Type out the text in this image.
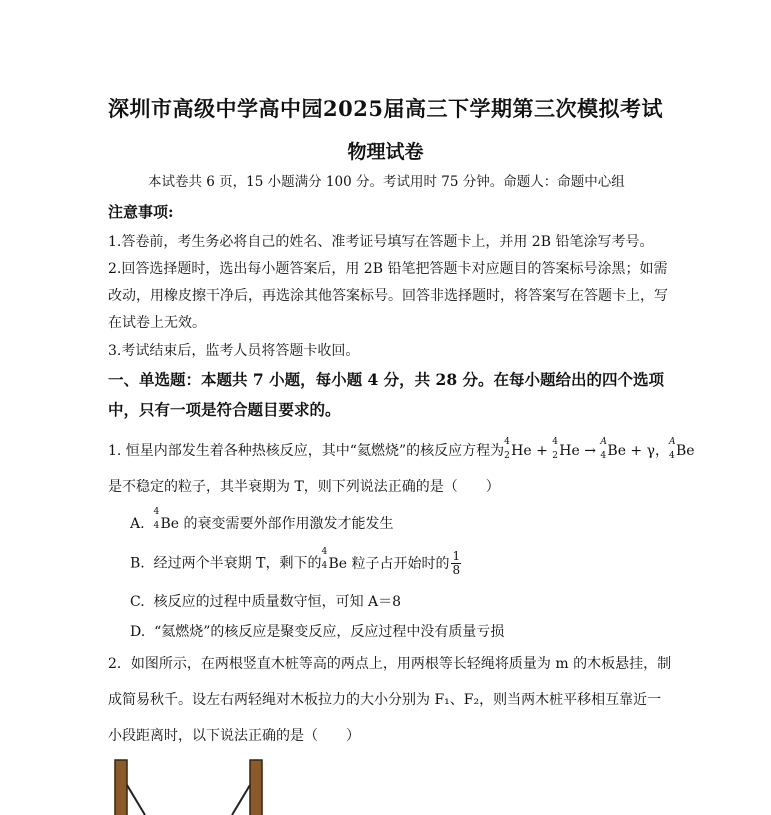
深圳市高级中学高中园2025届高三下学期第三次模拟考试
物理试卷
本试卷共 6 页，15 小题满分 100 分。考试用时 75 分钟。命题人：命题中心组
注意事项:
1.答卷前，考生务必将自己的姓名、准考证号填写在答题卡上，并用 2B 铅笔涂写考号。
2.回答选择题时，选出每小题答案后，用 2B 铅笔把答题卡对应题目的答案标号涂黑；如需
改动，用橡皮擦干净后，再选涂其他答案标号。回答非选择题时，将答案写在答题卡上，写
在试卷上无效。
3.考试结束后，监考人员将答题卡收回。
一、单选题：本题共 7 小题，每小题 4 分，共 28 分。在每小题给出的四个选项
中，只有一项是符合题目要求的。
1. 恒星内部发生着各种热核反应，其中“氦燃烧”的核反应方程为
4
2 He +
4
2 He →
A
4 Be + γ，
A
4 Be
是不稳定的粒子，其半衰期为 T，则下列说法正确的是（　　）
A.
4
4 Be 的衰变需要外部作用激发才能发生
B. 经过两个半衰期 T，剩下的
4
4 Be 粒子占开始时的 $\frac{1}{8}$
C. 核反应的过程中质量数守恒，可知 A＝8
D. “氦燃烧”的核反应是聚变反应，反应过程中没有质量亏损
2．如图所示，在两根竖直木桩等高的两点上，用两根等长轻绳将质量为 m 的木板悬挂，制
成简易秋千。设左右两轻绳对木板拉力的大小分别为 F₁、F₂，则当两木桩平移相互靠近一
小段距离时，以下说法正确的是（　　）
